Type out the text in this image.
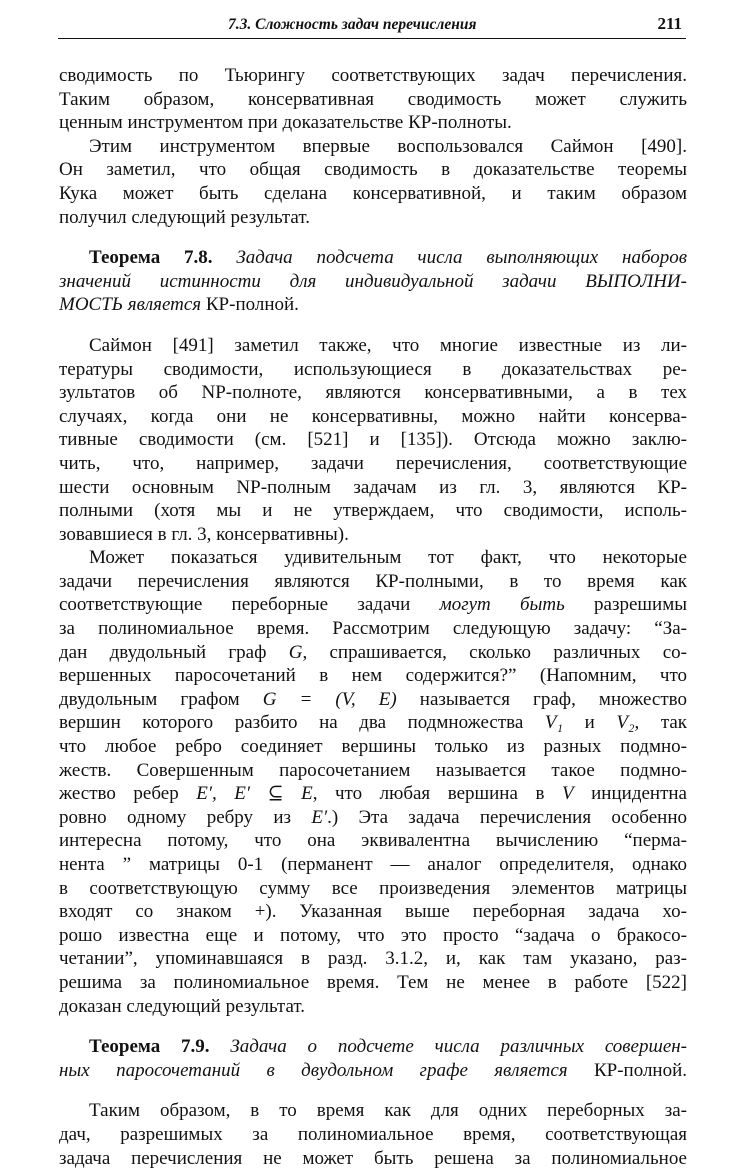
7.3. Сложность задач перечисления	211
сводимость по Тьюрингу соответствующих задач перечисления.
Таким образом, консервативная сводимость может служить
ценным инструментом при доказательстве КР-полноты.
Этим инструментом впервые воспользовался Саймон [490].
Он заметил, что общая сводимость в доказательстве теоремы
Кука может быть сделана консервативной, и таким образом
получил следующий результат.
Теорема 7.8. Задача подсчета числа выполняющих наборов
значений истинности для индивидуальной задачи ВЫПОЛНИ-
МОСТЬ является КР-полной.
Саймон [491] заметил также, что многие известные из ли-
тературы сводимости, использующиеся в доказательствах ре-
зультатов об NP-полноте, являются консервативными, а в тех
случаях, когда они не консервативны, можно найти консерва-
тивные сводимости (см. [521] и [135]). Отсюда можно заклю-
чить, что, например, задачи перечисления, соответствующие
шести основным NP-полным задачам из гл. 3, являются КР-
полными (хотя мы и не утверждаем, что сводимости, исполь-
зовавшиеся в гл. 3, консервативны).
Может показаться удивительным тот факт, что некоторые
задачи перечисления являются КР-полными, в то время как
соответствующие переборные задачи могут быть разрешимы
за полиномиальное время. Рассмотрим следующую задачу: “За-
дан двудольный граф G, спрашивается, сколько различных со-
вершенных паросочетаний в нем содержится?” (Напомним, что
двудольным графом G = (V, E) называется граф, множество
вершин которого разбито на два подмножества V₁ и V₂, так
что любое ребро соединяет вершины только из разных подмно-
жеств. Совершенным паросочетанием называется такое подмно-
жество ребер E′, E′ ⊆ E, что любая вершина в V инцидентна
ровно одному ребру из E′.) Эта задача перечисления особенно
интересна потому, что она эквивалентна вычислению “перма-
нента ” матрицы 0-1 (перманент — аналог определителя, однако
в соответствующую сумму все произведения элементов матрицы
входят со знаком +). Указанная выше переборная задача хо-
рошо известна еще и потому, что это просто “задача о бракосо-
четании”, упоминавшаяся в разд. 3.1.2, и, как там указано, раз-
решима за полиномиальное время. Тем не менее в работе [522]
доказан следующий результат.
Теорема 7.9. Задача о подсчете числа различных совершен-
ных паросочетаний в двудольном графе является КР-полной.
Таким образом, в то время как для одних переборных за-
дач, разрешимых за полиномиальное время, соответствующая
задача перечисления не может быть решена за полиномиальное
